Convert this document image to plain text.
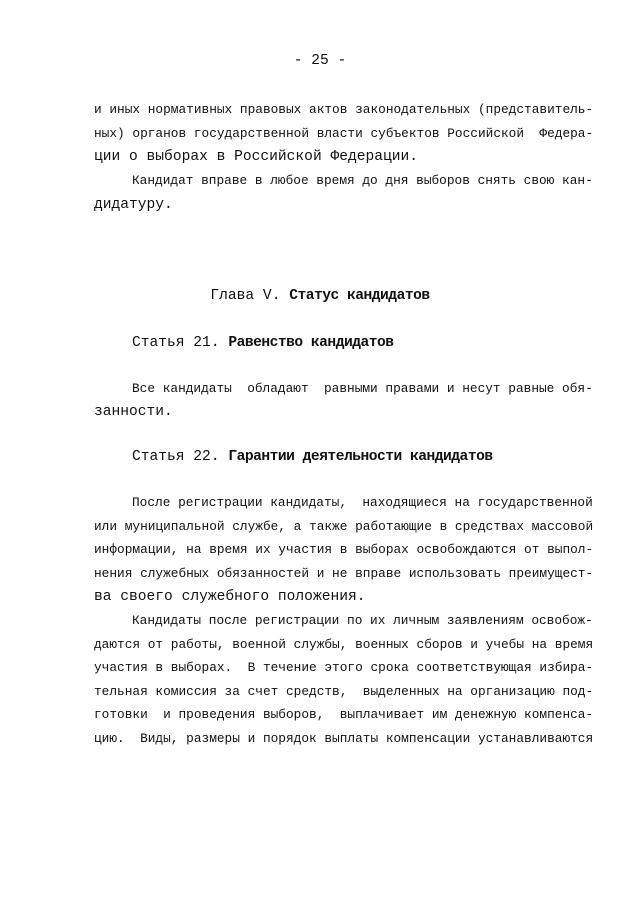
- 25 -

и иных нормативных правовых актов законодательных (представитель-

ных) органов государственной власти субъектов Российской  Федера-

ции о выборах в Российской Федерации.

Кандидат вправе в любое время до дня выборов снять свою кан-

дидатуру.

Глава V. Статус кандидатов

Статья 21. Равенство кандидатов

Все кандидаты  обладают  равными правами и несут равные обя-

занности.

Статья 22. Гарантии деятельности кандидатов

После регистрации кандидаты,  находящиеся на государственной

или муниципальной службе, а также работающие в средствах массовой

информации, на время их участия в выборах освобождаются от выпол-

нения служебных обязанностей и не вправе использовать преимущест-

ва своего служебного положения.

Кандидаты после регистрации по их личным заявлениям освобож-

даются от работы, военной службы, военных сборов и учебы на время

участия в выборах.  В течение этого срока соответствующая избира-

тельная комиссия за счет средств,  выделенных на организацию под-

готовки  и проведения выборов,  выплачивает им денежную компенса-

цию.  Виды, размеры и порядок выплаты компенсации устанавливаются
